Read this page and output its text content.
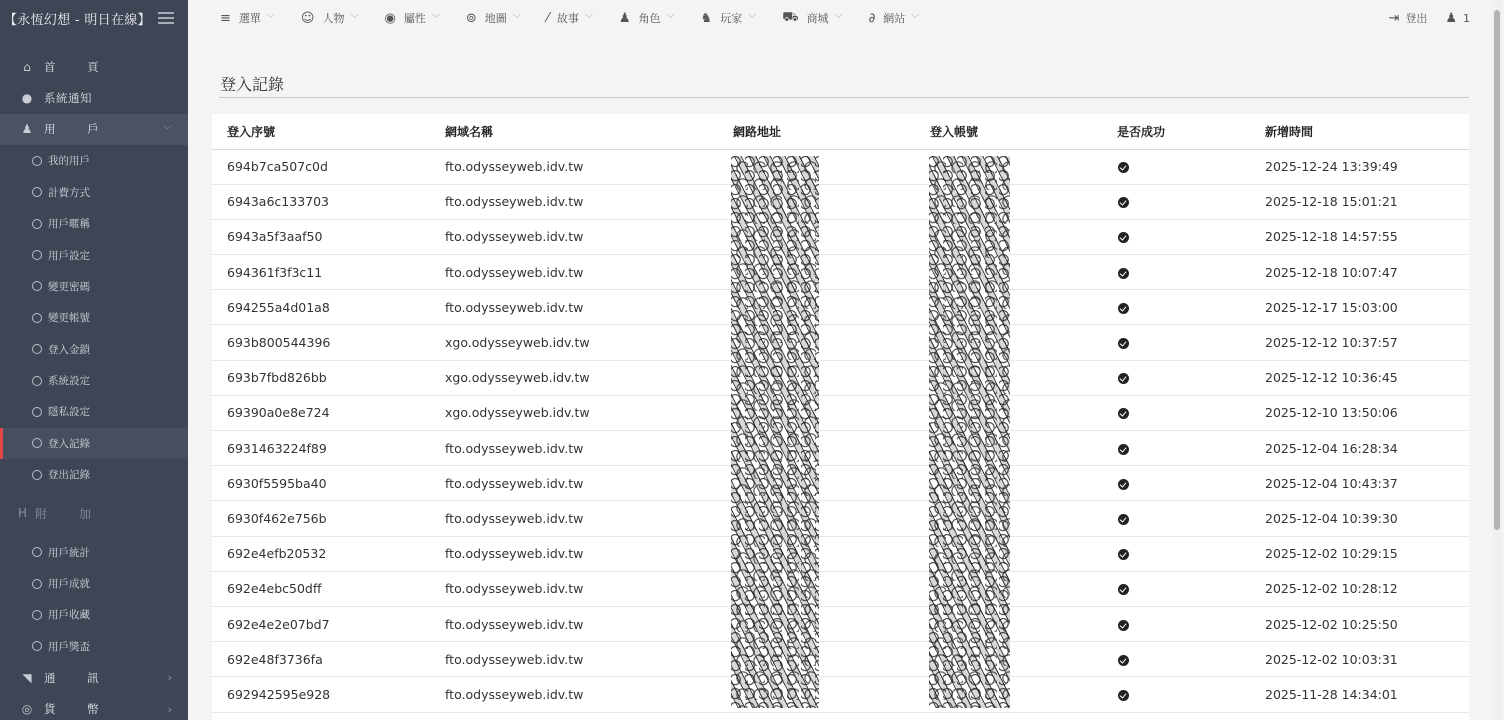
【永恆幻想 - 明日在線】
⌂ 首 頁
● 系統通知
♟ 用 戶	﹀
我的用戶
計費方式
用戶暱稱
用戶設定
變更密碼
變更帳號
登入金鎖
系統設定
隱私設定
登入記錄
登出記錄
H 附 加
用戶統計
用戶成就
用戶收藏
用戶獎盃
◥ 通 訊	›
◎ 貨 幣	›
≡ 選單 ﹀ ☺ 人物 ﹀ ◉ 屬性 ﹀ ⊚ 地圖 ﹀ ⁄ 故事 ﹀ ♟ 角色 ﹀ ♞ 玩家 ﹀ ⛟ 商城 ﹀ ∂ 網站 ﹀	⇥ 登出 ♟ 1
登入記錄
登入序號	網域名稱	網路地址	登入帳號	是否成功	新增時間
694b7ca507c0d	fto.odysseyweb.idv.tw				2025-12-24 13:39:49
6943a6c133703	fto.odysseyweb.idv.tw				2025-12-18 15:01:21
6943a5f3aaf50	fto.odysseyweb.idv.tw				2025-12-18 14:57:55
694361f3f3c11	fto.odysseyweb.idv.tw				2025-12-18 10:07:47
694255a4d01a8	fto.odysseyweb.idv.tw				2025-12-17 15:03:00
693b800544396	xgo.odysseyweb.idv.tw				2025-12-12 10:37:57
693b7fbd826bb	xgo.odysseyweb.idv.tw				2025-12-12 10:36:45
69390a0e8e724	xgo.odysseyweb.idv.tw				2025-12-10 13:50:06
6931463224f89	fto.odysseyweb.idv.tw				2025-12-04 16:28:34
6930f5595ba40	fto.odysseyweb.idv.tw				2025-12-04 10:43:37
6930f462e756b	fto.odysseyweb.idv.tw				2025-12-04 10:39:30
692e4efb20532	fto.odysseyweb.idv.tw				2025-12-02 10:29:15
692e4ebc50dff	fto.odysseyweb.idv.tw				2025-12-02 10:28:12
692e4e2e07bd7	fto.odysseyweb.idv.tw				2025-12-02 10:25:50
692e48f3736fa	fto.odysseyweb.idv.tw				2025-12-02 10:03:31
692942595e928	fto.odysseyweb.idv.tw				2025-11-28 14:34:01
